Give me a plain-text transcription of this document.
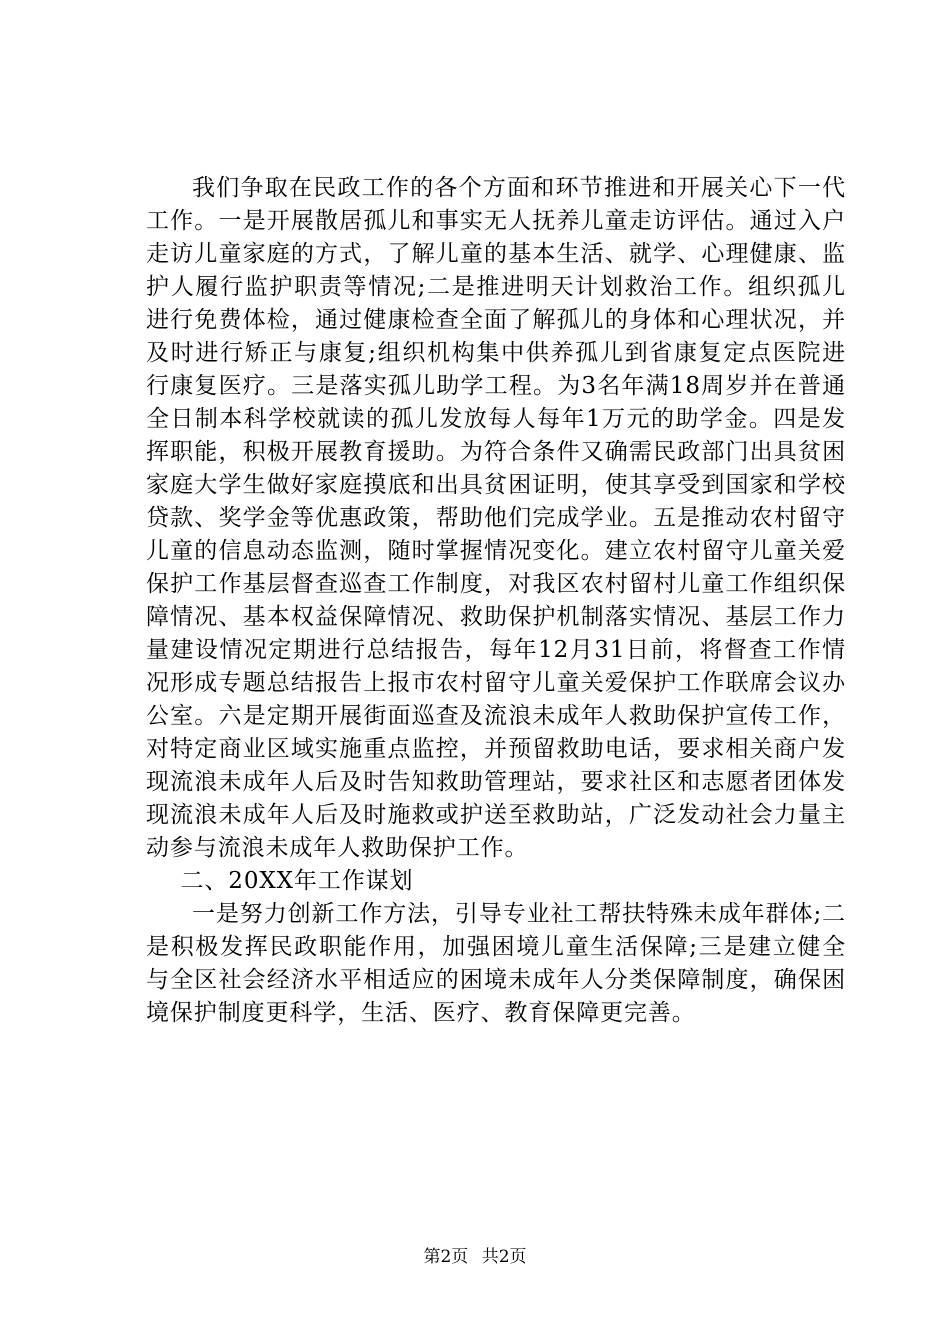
我们争取在民政工作的各个方面和环节推进和开展关心下一代工作。一是开展散居孤儿和事实无人抚养儿童走访评估。通过入户走访儿童家庭的方式，了解儿童的基本生活、就学、心理健康、监护人履行监护职责等情况;二是推进明天计划救治工作。组织孤儿进行免费体检，通过健康检查全面了解孤儿的身体和心理状况，并及时进行矫正与康复;组织机构集中供养孤儿到省康复定点医院进行康复医疗。三是落实孤儿助学工程。为3名年满18周岁并在普通全日制本科学校就读的孤儿发放每人每年1万元的助学金。四是发挥职能，积极开展教育援助。为符合条件又确需民政部门出具贫困家庭大学生做好家庭摸底和出具贫困证明，使其享受到国家和学校贷款、奖学金等优惠政策，帮助他们完成学业。五是推动农村留守儿童的信息动态监测，随时掌握情况变化。建立农村留守儿童关爱保护工作基层督查巡查工作制度，对我区农村留村儿童工作组织保障情况、基本权益保障情况、救助保护机制落实情况、基层工作力量建设情况定期进行总结报告，每年12月31日前，将督查工作情况形成专题总结报告上报市农村留守儿童关爱保护工作联席会议办公室。六是定期开展街面巡查及流浪未成年人救助保护宣传工作，对特定商业区域实施重点监控，并预留救助电话，要求相关商户发现流浪未成年人后及时告知救助管理站，要求社区和志愿者团体发现流浪未成年人后及时施救或护送至救助站，广泛发动社会力量主动参与流浪未成年人救助保护工作。

二、20XX年工作谋划

一是努力创新工作方法，引导专业社工帮扶特殊未成年群体;二是积极发挥民政职能作用，加强困境儿童生活保障;三是建立健全与全区社会经济水平相适应的困境未成年人分类保障制度，确保困境保护制度更科学，生活、医疗、教育保障更完善。

第2页 共2页
